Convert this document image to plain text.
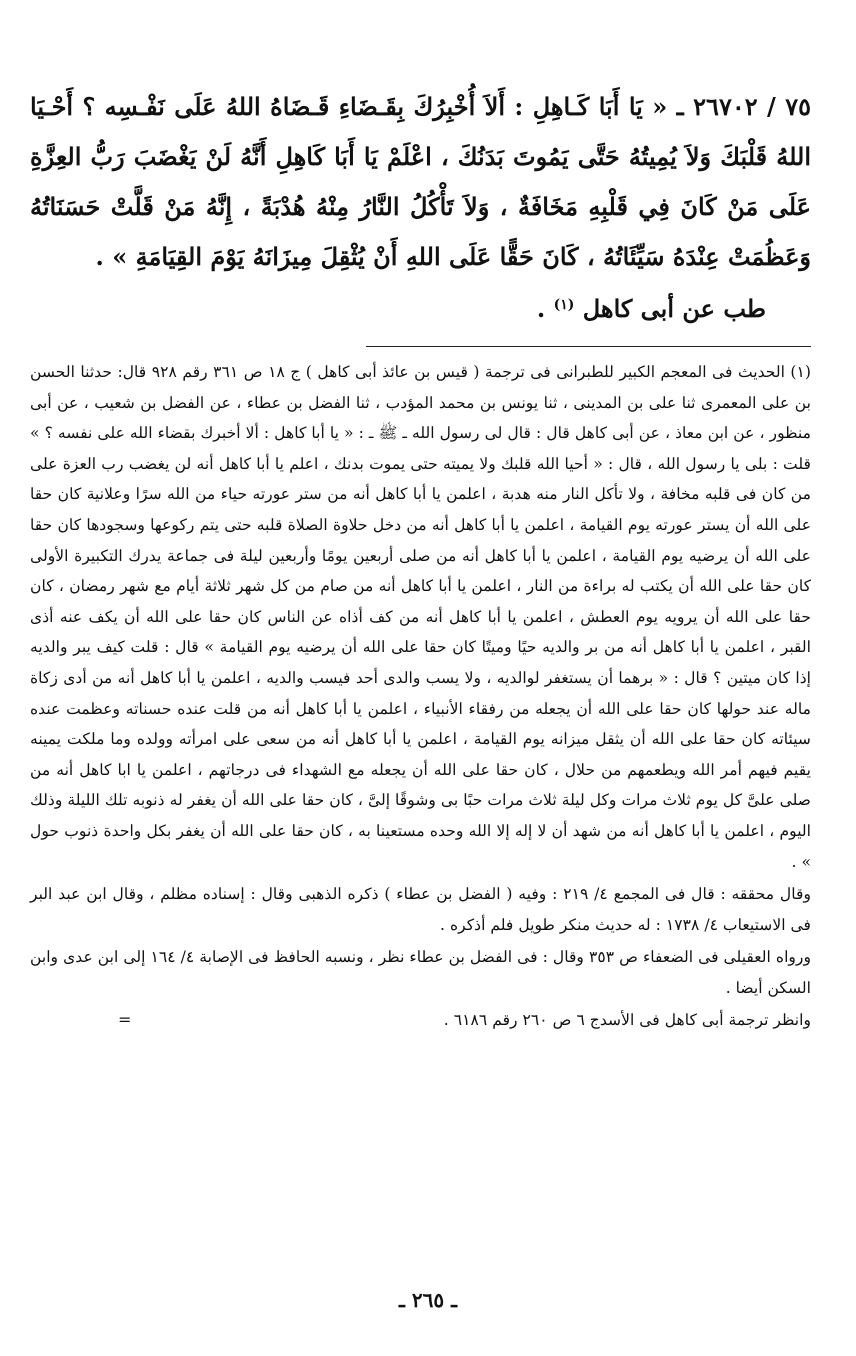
٧٥ / ٢٦٧٠٢ ـ « يَا أَبَا كَـاهِلِ : أَلاَ أُخْبِرُكَ بِقَـضَاءِ قَـضَاهُ اللهُ عَلَى نَفْـسِه ؟ أَحْـيَا اللهُ قَلْبَكَ وَلاَ يُمِيتُهُ حَتَّى يَمُوتَ بَدَنُكَ ، اعْلَمْ يَا أَبَا كَاهِلِ أَنَّهُ لَنْ يَغْضَبَ رَبُّ العِزَّةِ عَلَى مَنْ كَانَ فِي قَلْبِهِ مَخَافَةٌ ، وَلاَ تَأْكُلُ النَّارُ مِنْهُ هُدْبَةً ، إِنَّهُ مَنْ قَلَّتْ حَسَنَاتُهُ وَعَظُمَتْ عِنْدَهُ سَيِّئَاتُهُ ، كَانَ حَقًّا عَلَى اللهِ أَنْ يُثْقِلَ مِيزَانَهُ يَوْمَ القِيَامَةِ » .

طب عن أبى كاهل $^{(١)}$ .

(١) الحديث فى المعجم الكبير للطبرانى فى ترجمة ( قيس بن عائذ أبى كاهل ) ج ١٨ ص ٣٦١ رقم ٩٢٨ قال: حدثنا الحسن بن على المعمرى ثنا على بن المدينى ، ثنا يونس بن محمد المؤدب ، ثنا الفضل بن عطاء ، عن الفضل بن شعيب ، عن أبى منظور ، عن ابن معاذ ، عن أبى كاهل قال : قال لى رسول الله ـ ﷺ ـ : « يا أبا كاهل : ألا أخبرك بقضاء الله على نفسه ؟ » قلت : بلى يا رسول الله ، قال : « أحيا الله قلبك ولا يميته حتى يموت بدنك ، اعلم يا أبا كاهل أنه لن يغضب رب العزة على من كان فى قلبه مخافة ، ولا تأكل النار منه هدبة ، اعلمن يا أبا كاهل أنه من ستر عورته حياء من الله سرًا وعلانية كان حقا على الله أن يستر عورته يوم القيامة ، اعلمن يا أبا كاهل أنه من دخل حلاوة الصلاة قلبه حتى يتم ركوعها وسجودها كان حقا على الله أن يرضيه يوم القيامة ، اعلمن يا أبا كاهل أنه من صلى أربعين يومًا وأربعين ليلة فى جماعة يدرك التكبيرة الأولى كان حقا على الله أن يكتب له براءة من النار ، اعلمن يا أبا كاهل أنه من صام من كل شهر ثلاثة أيام مع شهر رمضان ، كان حقا على الله أن يرويه يوم العطش ، اعلمن يا أبا كاهل أنه من كف أذاه عن الناس كان حقا على الله أن يكف عنه أذى القبر ، اعلمن يا أبا كاهل أنه من بر والديه حيًا وميتًا كان حقا على الله أن يرضيه يوم القيامة » قال : قلت كيف يبر والديه إذا كان ميتين ؟ قال : « برهما أن يستغفر لوالديه ، ولا يسب والدى أحد فيسب والديه ، اعلمن يا أبا كاهل أنه من أدى زكاة ماله عند حولها كان حقا على الله أن يجعله من رفقاء الأنبياء ، اعلمن يا أبا كاهل أنه من قلت عنده حسناته وعظمت عنده سيئاته كان حقا على الله أن يثقل ميزانه يوم القيامة ، اعلمن يا أبا كاهل أنه من سعى على امرأته وولده وما ملكت يمينه يقيم فيهم أمر الله ويطعمهم من حلال ، كان حقا على الله أن يجعله مع الشهداء فى درجاتهم ، اعلمن يا ابا كاهل أنه من صلى علىَّ كل يوم ثلاث مرات وكل ليلة ثلاث مرات حبًا بى وشوقًا إلىَّ ، كان حقا على الله أن يغفر له ذنوبه تلك الليلة وذلك اليوم ، اعلمن يا أبا كاهل أنه من شهد أن لا إله إلا الله وحده مستعينا به ، كان حقا على الله أن يغفر بكل واحدة ذنوب حول » .

وقال محققه : قال فى المجمع ٤/ ٢١٩ : وفيه ( الفضل بن عطاء ) ذكره الذهبى وقال : إسناده مظلم ، وقال ابن عبد البر فى الاستيعاب ٤/ ١٧٣٨ : له حديث منكر طويل فلم أذكره .

ورواه العقيلى فى الضعفاء ص ٣٥٣ وقال : فى الفضل بن عطاء نظر ، ونسبه الحافظ فى الإصابة ٤/ ١٦٤ إلى ابن عدى وابن السكن أيضا .

وانظر ترجمة أبى كاهل فى الأسدج ٦ ص ٢٦٠ رقم ٦١٨٦ .
=

ـ ٢٦٥ ـ
